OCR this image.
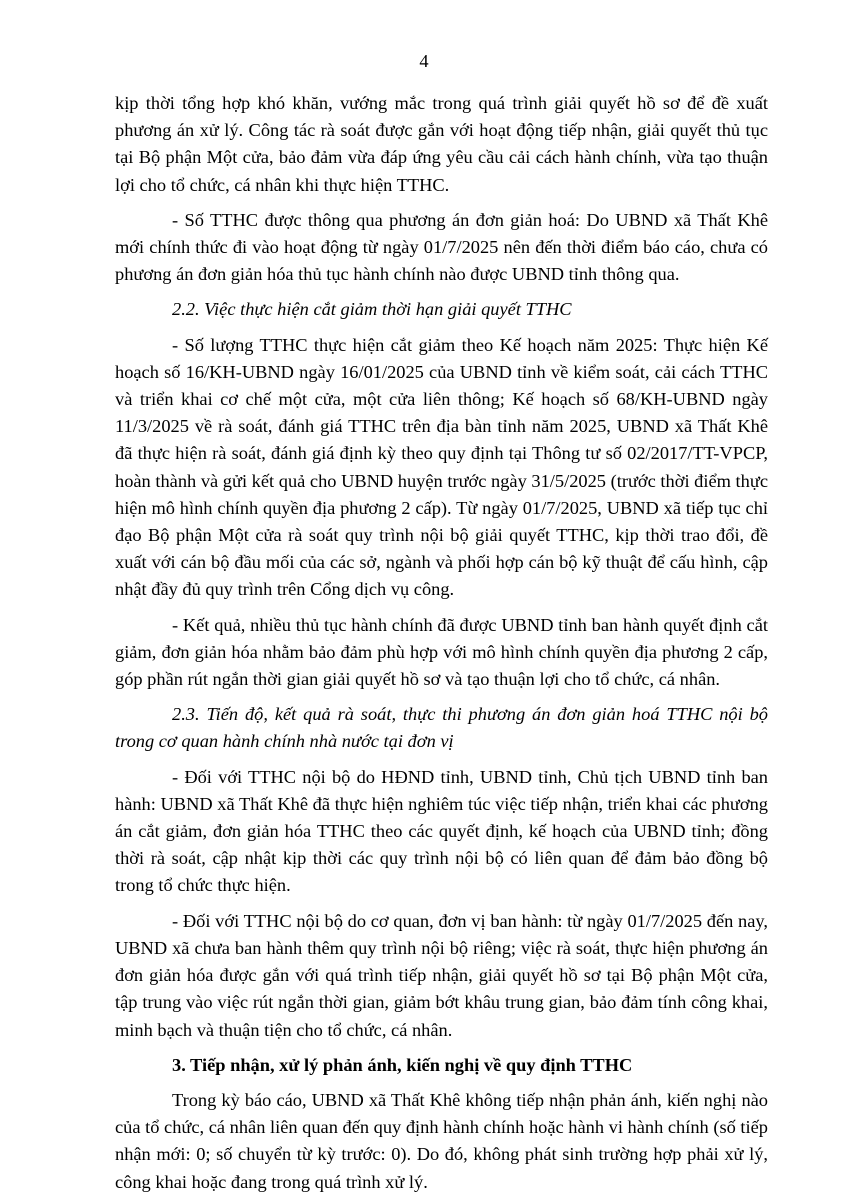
4

kịp thời tổng hợp khó khăn, vướng mắc trong quá trình giải quyết hồ sơ để đề xuất phương án xử lý. Công tác rà soát được gắn với hoạt động tiếp nhận, giải quyết thủ tục tại Bộ phận Một cửa, bảo đảm vừa đáp ứng yêu cầu cải cách hành chính, vừa tạo thuận lợi cho tổ chức, cá nhân khi thực hiện TTHC.

- Số TTHC được thông qua phương án đơn giản hoá: Do UBND xã Thất Khê mới chính thức đi vào hoạt động từ ngày 01/7/2025 nên đến thời điểm báo cáo, chưa có phương án đơn giản hóa thủ tục hành chính nào được UBND tỉnh thông qua.

2.2. Việc thực hiện cắt giảm thời hạn giải quyết TTHC

- Số lượng TTHC thực hiện cắt giảm theo Kế hoạch năm 2025: Thực hiện Kế hoạch số 16/KH-UBND ngày 16/01/2025 của UBND tỉnh về kiểm soát, cải cách TTHC và triển khai cơ chế một cửa, một cửa liên thông; Kế hoạch số 68/KH-UBND ngày 11/3/2025 về rà soát, đánh giá TTHC trên địa bàn tỉnh năm 2025, UBND xã Thất Khê đã thực hiện rà soát, đánh giá định kỳ theo quy định tại Thông tư số 02/2017/TT-VPCP, hoàn thành và gửi kết quả cho UBND huyện trước ngày 31/5/2025 (trước thời điểm thực hiện mô hình chính quyền địa phương 2 cấp). Từ ngày 01/7/2025, UBND xã tiếp tục chỉ đạo Bộ phận Một cửa rà soát quy trình nội bộ giải quyết TTHC, kịp thời trao đổi, đề xuất với cán bộ đầu mối của các sở, ngành và phối hợp cán bộ kỹ thuật để cấu hình, cập nhật đầy đủ quy trình trên Cổng dịch vụ công.

- Kết quả, nhiều thủ tục hành chính đã được UBND tỉnh ban hành quyết định cắt giảm, đơn giản hóa nhằm bảo đảm phù hợp với mô hình chính quyền địa phương 2 cấp, góp phần rút ngắn thời gian giải quyết hồ sơ và tạo thuận lợi cho tổ chức, cá nhân.

2.3. Tiến độ, kết quả rà soát, thực thi phương án đơn giản hoá TTHC nội bộ trong cơ quan hành chính nhà nước tại đơn vị

- Đối với TTHC nội bộ do HĐND tỉnh, UBND tỉnh, Chủ tịch UBND tỉnh ban hành: UBND xã Thất Khê đã thực hiện nghiêm túc việc tiếp nhận, triển khai các phương án cắt giảm, đơn giản hóa TTHC theo các quyết định, kế hoạch của UBND tỉnh; đồng thời rà soát, cập nhật kịp thời các quy trình nội bộ có liên quan để đảm bảo đồng bộ trong tổ chức thực hiện.

- Đối với TTHC nội bộ do cơ quan, đơn vị ban hành: từ ngày 01/7/2025 đến nay, UBND xã chưa ban hành thêm quy trình nội bộ riêng; việc rà soát, thực hiện phương án đơn giản hóa được gắn với quá trình tiếp nhận, giải quyết hồ sơ tại Bộ phận Một cửa, tập trung vào việc rút ngắn thời gian, giảm bớt khâu trung gian, bảo đảm tính công khai, minh bạch và thuận tiện cho tổ chức, cá nhân.

3. Tiếp nhận, xử lý phản ánh, kiến nghị về quy định TTHC

Trong kỳ báo cáo, UBND xã Thất Khê không tiếp nhận phản ánh, kiến nghị nào của tổ chức, cá nhân liên quan đến quy định hành chính hoặc hành vi hành chính (số tiếp nhận mới: 0; số chuyển từ kỳ trước: 0). Do đó, không phát sinh trường hợp phải xử lý, công khai hoặc đang trong quá trình xử lý.
